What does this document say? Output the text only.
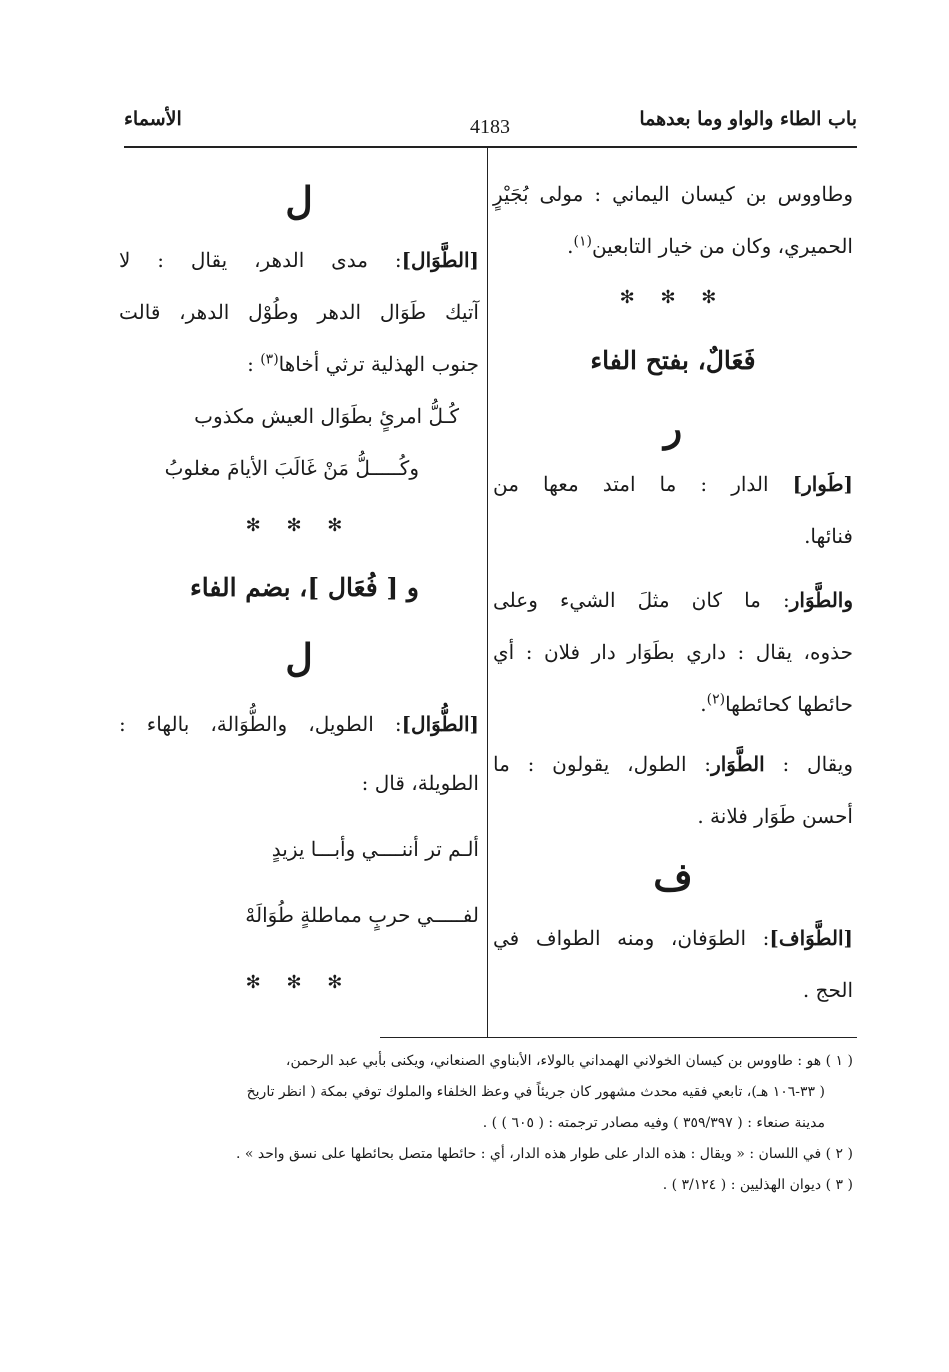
باب الطاء والواو وما بعدهما
4183
الأسماء
وطاووس بن كيسان اليماني : مولى بُجَيْرٍ
الحميري، وكان من خيار التابعين$^{(١)}$.
✻ ✻ ✻
فَعَالٌ، بفتح الفاء
ر
[طَوار] الدار : ما امتد معها من
فنائها.
والطَّوَار: ما كان مثلَ الشيء وعلى
حذوه، يقال : داري بطَوَار دار فلان : أي
حائطها كحائطها$^{(٢)}$.
ويقال : الطَّوَار: الطول، يقولون : ما
أحسن طَوَار فلانة .
ف
[الطَّوَاف]: الطوَفان، ومنه الطواف في
الحج .
ل
[الطَّوَال]: مدى الدهر، يقال : لا
آتيك طَوَال الدهر وطُوْل الدهر، قالت
جنوب الهذلية ترثي أخاها$^{(٣)}$ :
كُـلُّ امرئٍ بطَوَال العيش مكذوب
وكُـــــلُّ مَنْ غَالَبَ الأيامَ مغلوبُ
✻ ✻ ✻
و [ فُعَال ]، بضم الفاء
ل
[الطُّوَال]: الطويل، والطُّوَالة، بالهاء :
الطويلة، قال :
ألـم تر أننــــي وأبـــا يزيدٍ
لفـــــي حربٍ مماطلةٍ طُوَالَهْ
✻ ✻ ✻
( ١ ) هو : طاووس بن كيسان الخولاني الهمداني بالولاء، الأبناوي الصنعاني، ويكنى بأبي عبد الرحمن،
( ٣٣-١٠٦ هـ)، تابعي فقيه محدث مشهور كان جريئاً في وعظ الخلفاء والملوك توفي بمكة ( انظر تاريخ
مدينة صنعاء : ( ٣٥٩/٣٩٧ ) وفيه مصادر ترجمته : ( ٦٠٥ ) ) .
( ٢ ) في اللسان : « ويقال : هذه الدار على طوار هذه الدار، أي : حائطها متصل بحائطها على نسق واحد » .
( ٣ ) ديوان الهذليين : ( ٣/١٢٤ ) .
